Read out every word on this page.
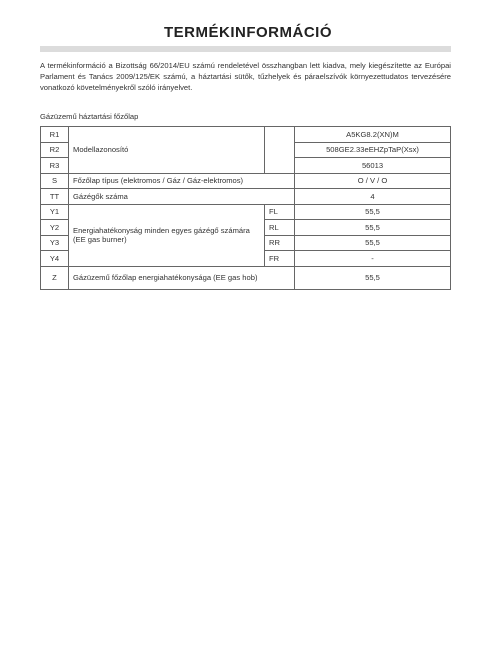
TERMÉKINFORMÁCIÓ
A termékinformáció a Bizottság 66/2014/EU számú rendeletével összhangban lett kiadva, mely kiegészítette az Európai Parlament és Tanács 2009/125/EK számú, a háztartási sütők, tűzhelyek és páraelszívók környezettudatos tervezésére vonatkozó követelményekről szóló irányelvet.
Gázüzemű háztartási főzőlap
R1	Modellazonosító		A5KG8.2(XN)M
R2			508GE2.33eEHZpTaP(Xsx)
R3			56013
S	Főzőlap típus (elektromos / Gáz / Gáz-elektromos)		O / V / O
TT	Gázégők száma		4
Y1	Energiahatékonyság minden egyes gázégő számára (EE gas burner)	FL	55,5
Y2		RL	55,5
Y3		RR	55,5
Y4		FR	-
Z	Gázüzemű főzőlap energiahatékonysága (EE gas hob)		55,5
